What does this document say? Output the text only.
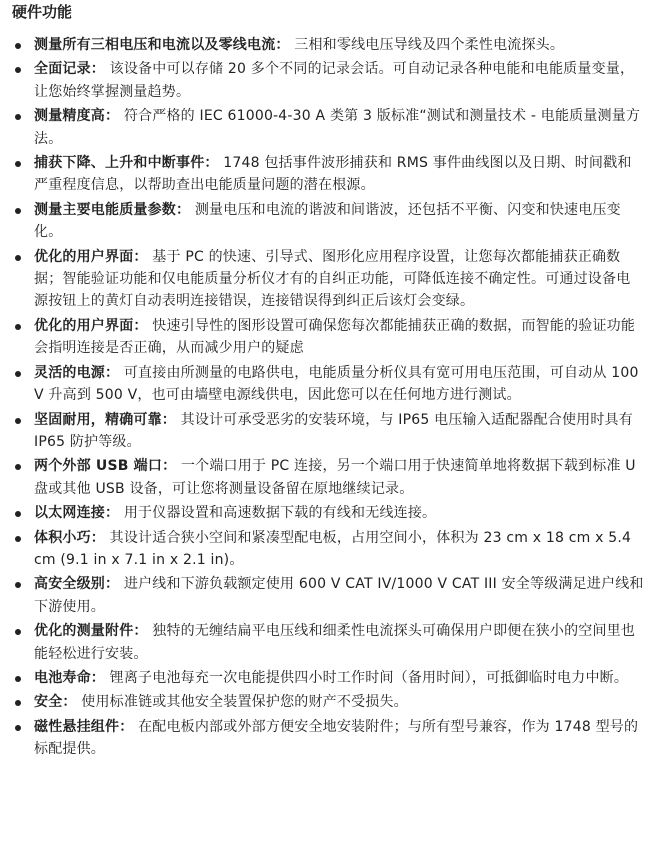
硬件功能
测量所有三相电压和电流以及零线电流： 三相和零线电压导线及四个柔性电流探头。
全面记录： 该设备中可以存储 20 多个不同的记录会话。可自动记录各种电能和电能质量变量，让您始终掌握测量趋势。
测量精度高： 符合严格的 IEC 61000-4-30 A 类第 3 版标准“测试和测量技术 - 电能质量测量方法。
捕获下降、上升和中断事件： 1748 包括事件波形捕获和 RMS 事件曲线图以及日期、时间戳和严重程度信息，以帮助查出电能质量问题的潜在根源。
测量主要电能质量参数： 测量电压和电流的谐波和间谐波，还包括不平衡、闪变和快速电压变化。
优化的用户界面： 基于 PC 的快速、引导式、图形化应用程序设置，让您每次都能捕获正确数据；智能验证功能和仅电能质量分析仪才有的自纠正功能，可降低连接不确定性。可通过设备电源按钮上的黄灯自动表明连接错误，连接错误得到纠正后该灯会变绿。
优化的用户界面： 快速引导性的图形设置可确保您每次都能捕获正确的数据，而智能的验证功能会指明连接是否正确，从而减少用户的疑虑
灵活的电源： 可直接由所测量的电路供电，电能质量分析仪具有宽可用电压范围，可自动从 100 V 升高到 500 V，也可由墙壁电源线供电，因此您可以在任何地方进行测试。
坚固耐用，精确可靠： 其设计可承受恶劣的安装环境，与 IP65 电压输入适配器配合使用时具有 IP65 防护等级。
两个外部 USB 端口： 一个端口用于 PC 连接，另一个端口用于快速简单地将数据下载到标准 U 盘或其他 USB 设备，可让您将测量设备留在原地继续记录。
以太网连接： 用于仪器设置和高速数据下载的有线和无线连接。
体积小巧： 其设计适合狭小空间和紧凑型配电板，占用空间小，体积为 23 cm x 18 cm x 5.4 cm (9.1 in x 7.1 in x 2.1 in)。
高安全级别： 进户线和下游负载额定使用 600 V CAT IV/1000 V CAT III 安全等级满足进户线和下游使用。
优化的测量附件： 独特的无缠结扁平电压线和细柔性电流探头可确保用户即便在狭小的空间里也能轻松进行安装。
电池寿命： 锂离子电池每充一次电能提供四小时工作时间（备用时间），可抵御临时电力中断。
安全： 使用标准链或其他安全装置保护您的财产不受损失。
磁性悬挂组件： 在配电板内部或外部方便安全地安装附件；与所有型号兼容，作为 1748 型号的标配提供。
